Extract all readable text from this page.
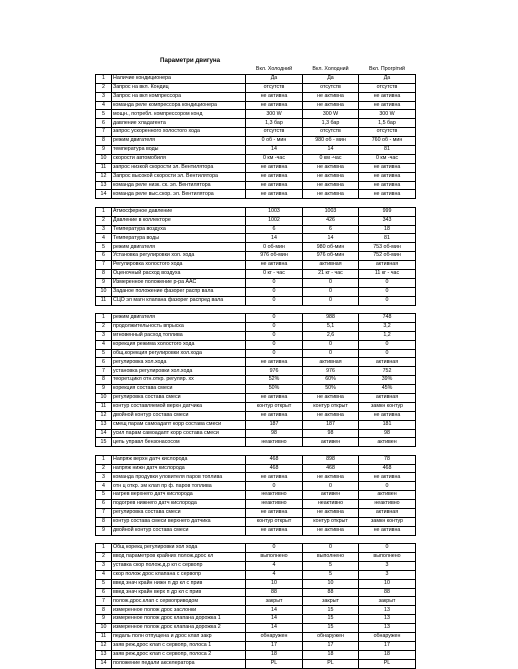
Параметри двигуна
		Вкл. Холодний	Вкл. Холодний	Вкл. Прогрітий
1	Наличие кондиционера	Да	Да	Да
2	Запрос на вкл. Кондиц	отсутств	отсутств	отсутств
3	Запрос на вкл компрессора	не активна	не активна	не активна
4	команда реле компрессора кондиционера	не активна	не активна	не активна
5	мощн., потребл. компрессором конд	300 W	300 W	300 W
6	давление хладагента	1,3 бар	1,3 бар	1,5 бар
7	запрос ускоренного холостого хода	отсутств	отсутств	отсутств
8	режим двигателя	0 об - мин	980 об - мин	760 об - мин
9	температура воды	14	14	81
10	скорости автомобиля	0 км -час	0 км -час	0 км -час
11	запрос низкой скорости эл. Вентилятора	не активна	не активна	не активна
12	Запрос высокой скорости эл. Вентилятора	не активна	не активна	не активна
13	команда реле низк. ск. эл. Вентилятора	не активна	не активна	не активна
14	команда реле выс.скор. эл. Вентилятора	не активна	не активна	не активна
1	Атмосферное давление	1003	1003	999
2	Давление в коллекторе	1002	426	343
3	Температура воздуха	6	6	18
4	Температура воды	14	14	81
5	режим двигателя	0 об-мин	980 об-мин	753 об-мин
6	Установка регулировки хол. хода	976 об-мин	976 об-мин	752 об-мин
7	Регулировка холостого хода	не активна	активная	активная
8	Оценочный расход воздуха	0 кг - час	21 кг - час	11 кг - час
9	Измеренное положение р-ра ААС	0	0	0
10	Заданое положение фазорег распр вала	0	0	0
11	СЦО эл магн клапана фазорег распред вала	0	0	0
1	режим двигателя	0	988	748
2	продолжительность впрыска	0	5,1	3,2
3	мгновенный расход топлива	0	2,6	1,2
4	корекция режима холостого хода	0	0	0
5	общ.корекция регулировки хол.хода	0	0	0
6	регулировка хол.хода	не активна	активная	активная
7	установка регулировки хол.хода	976	976	752
8	теорет.цикл отн.откр. регуляр. хх	52%	60%	39%
9	корекция состава смеси	50%	50%	45%
10	регулировка состава смеси	не активна	не активна	активная
11	контур составляемой верхн датчика	контур открыт	контур открыт	замкн контур
12	двойной контур состава смеси	не активна	не активна	не активна
13	смещ парам самоадапт корр состава смеси	187	187	181
14	усил парам самоадапт корр состава смеси	98	98	98
15	цепь управл бензонасосом	неактивно	активен	активен
1	Напряж верхн датч кислорода	468	898	78
2	напряж нижн датч кислорода	468	468	468
3	команда продувки уловителя паров топлива	не активна	не активна	не активна
4	отн ц откр. эм клап пр ф. паров топлива	0	0	0
5	нагрев верхнего датч кислорода	неактивно	активен	активен
6	подогрев нижнего датч кислорода	неактивно	неактивно	неактивно
7	регулировка состава смеси	не активна	не активна	активная
8	контур состава смеси верхнего датчика	контур открыт	контур открыт	замкн контур
9	двойной контур состава смеси	не активна	не активна	не активна
1	Общ корекц регулировки хол хода	0	0	0
2	ввод параметров крайних полож.дрос кл	выполнено	выполнено	выполнено
3	уставка скор полож.д.р кл с сервопр	4	5	3
4	скор полож дрос клапана с сервопр	4	5	3
5	введ знач крайн нижн п др кл с прив	10	10	10
6	введ знач крайн верх п др кл с прив	88	88	88
7	полож.дрос.клап с сервоприводом	закрыт	закрыт	закрыт
8	измеренное полож дрос заслонки	14	15	13
9	измеренное полож дрос клапана дорожка 1	14	15	13
10	измеренное полож дрос клапана дорожка 2	14	15	13
11	педаль полн отпущена и дрос клап закр	обнаружен	обнаружен	обнаружен
12	заяв реж.дрос клап с сервопр, полоса 1	17	17	17
13	заяв реж.дрос клап с сервопр, полоса 2	18	18	18
14	положение педали акселератора	PL	PL	PL
